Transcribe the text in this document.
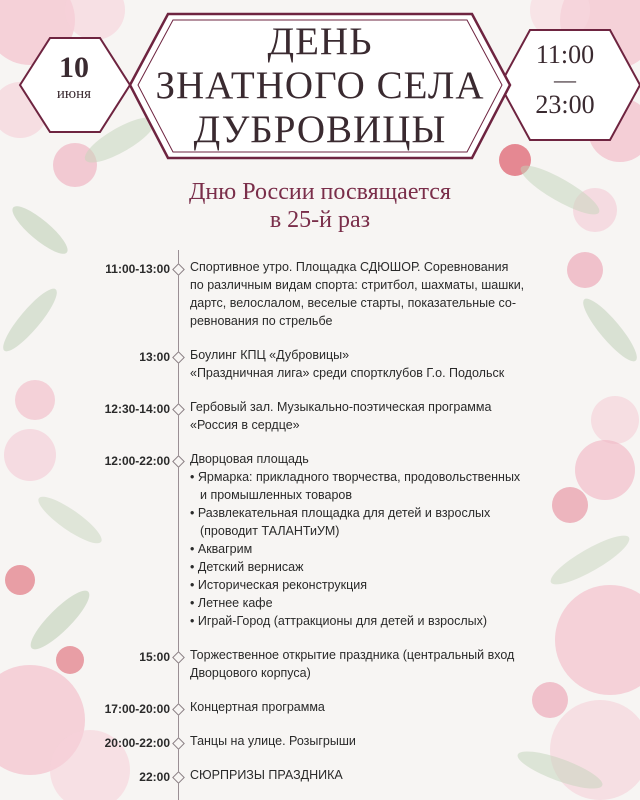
10
июня
ДЕНЬ
ЗНАТНОГО СЕЛА
ДУБРОВИЦЫ
11:00
—
23:00
Дню России посвящается
в 25-й раз
11:00-13:00 Спортивное утро. Площадка СДЮШОР. Соревнования
по различным видам спорта: стритбол, шахматы, шашки,
дартс, велослалом, веселые старты, показательные со-
ревнования по стрельбе
13:00 Боулинг КПЦ «Дубровицы»
«Праздничная лига» среди спортклубов Г.о. Подольск
12:30-14:00 Гербовый зал. Музыкально-поэтическая программа
«Россия в сердце»
12:00-22:00 Дворцовая площадь
• Ярмарка: прикладного творчества, продовольственных
и промышленных товаров
• Развлекательная площадка для детей и взрослых
(проводит ТАЛАНТиУМ)
• Аквагрим
• Детский вернисаж
• Историческая реконструкция
• Летнее кафе
• Играй-Город (аттракционы для детей и взрослых)
15:00 Торжественное открытие праздника (центральный вход
Дворцового корпуса)
17:00-20:00 Концертная программа
20:00-22:00 Танцы на улице. Розыгрыши
22:00 СЮРПРИЗЫ ПРАЗДНИКА
